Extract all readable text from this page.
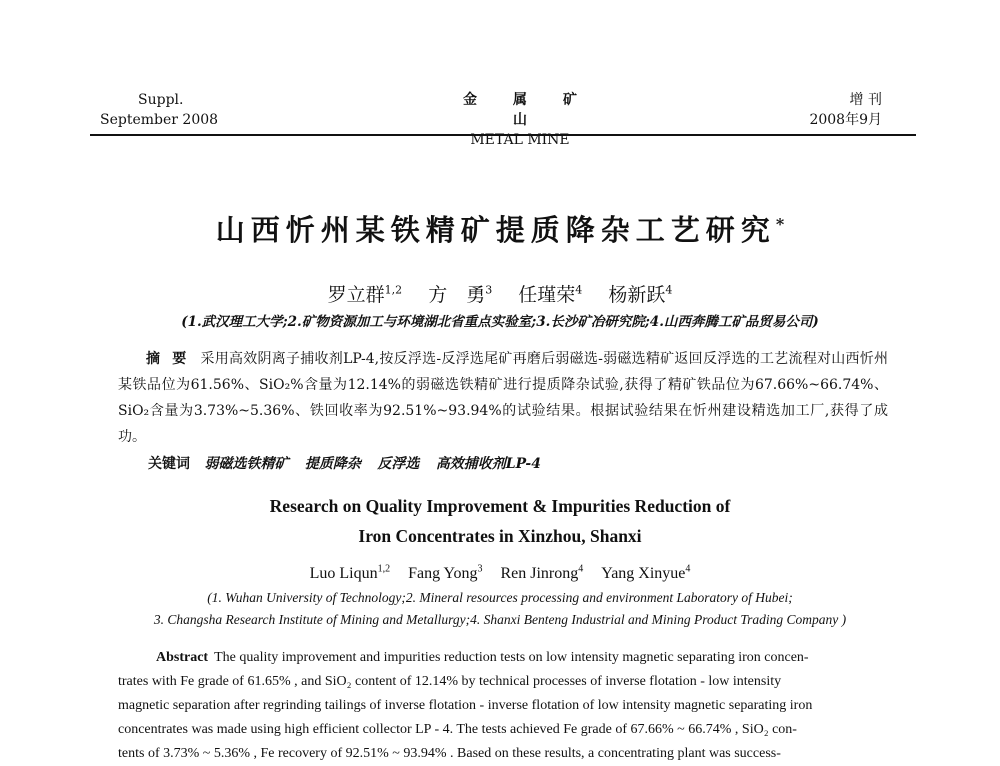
Suppl.
September 2008
金属矿山
METAL MINE
增 刊
2008年9月
山西忻州某铁精矿提质降杂工艺研究*
罗立群$^{1,2}$ 方　勇$^3$ 任瑾荣$^4$ 杨新跃$^4$
(1.武汉理工大学;2.矿物资源加工与环境湖北省重点实验室;3.长沙矿冶研究院;4.山西奔腾工矿品贸易公司)
摘要 采用高效阴离子捕收剂LP-4,按反浮选-反浮选尾矿再磨后弱磁选-弱磁选精矿返回反浮选的工艺流程对山西忻州某铁品位为61.56%、SiO₂%含量为12.14%的弱磁选铁精矿进行提质降杂试验,获得了精矿铁品位为67.66%~66.74%、SiO₂含量为3.73%~5.36%、铁回收率为92.51%~93.94%的试验结果。根据试验结果在忻州建设精选加工厂,获得了成功。
关键词 弱磁选铁精矿 提质降杂 反浮选 高效捕收剂LP-4
Research on Quality Improvement & Impurities Reduction of
Iron Concentrates in Xinzhou, Shanxi
Luo Liqun$^{1,2}$ Fang Yong$^3$ Ren Jinrong$^4$ Yang Xinyue$^4$
(1. Wuhan University of Technology;2. Mineral resources processing and environment Laboratory of Hubei;
3. Changsha Research Institute of Mining and Metallurgy;4. Shanxi Benteng Industrial and Mining Product Trading Company )
Abstract The quality improvement and impurities reduction tests on low intensity magnetic separating iron concen-
trates with Fe grade of 61.65% , and SiO₂ content of 12.14% by technical processes of inverse flotation - low intensity
magnetic separation after regrinding tailings of inverse flotation - inverse flotation of low intensity magnetic separating iron
concentrates was made using high efficient collector LP - 4. The tests achieved Fe grade of 67.66% ~ 66.74% , SiO₂ con-
tents of 3.73% ~ 5.36% , Fe recovery of 92.51% ~ 93.94% . Based on these results, a concentrating plant was success-
